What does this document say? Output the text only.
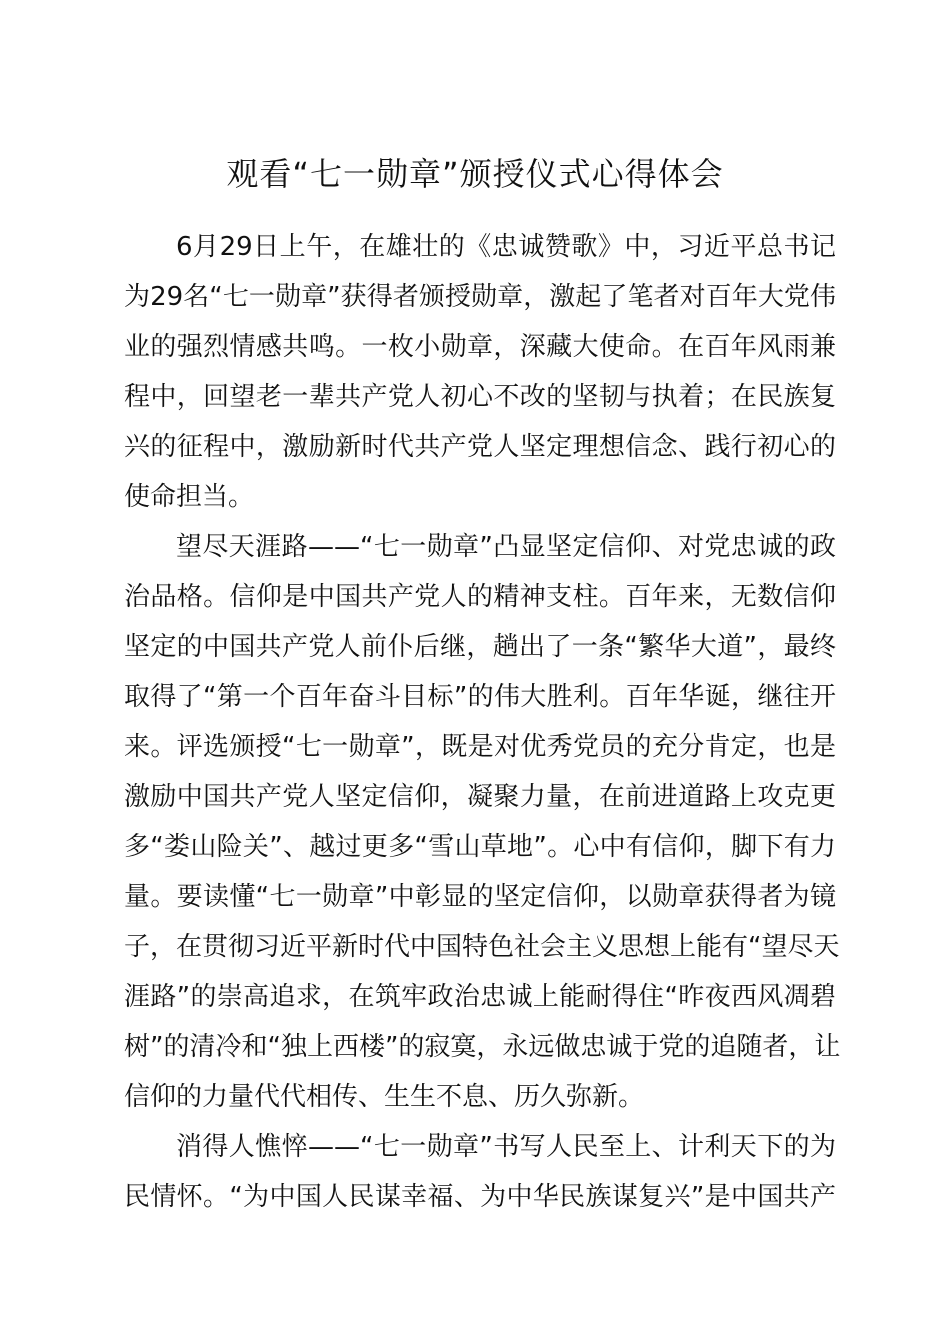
观看“七一勋章”颁授仪式心得体会

6月29日上午，在雄壮的《忠诚赞歌》中，习近平总书记

为29名“七一勋章”获得者颁授勋章，激起了笔者对百年大党伟

业的强烈情感共鸣。一枚小勋章，深藏大使命。在百年风雨兼

程中，回望老一辈共产党人初心不改的坚韧与执着；在民族复

兴的征程中，激励新时代共产党人坚定理想信念、践行初心的

使命担当。

望尽天涯路——“七一勋章”凸显坚定信仰、对党忠诚的政

治品格。信仰是中国共产党人的精神支柱。百年来，无数信仰

坚定的中国共产党人前仆后继，趟出了一条“繁华大道”，最终

取得了“第一个百年奋斗目标”的伟大胜利。百年华诞，继往开

来。评选颁授“七一勋章”，既是对优秀党员的充分肯定，也是

激励中国共产党人坚定信仰，凝聚力量，在前进道路上攻克更

多“娄山险关”、越过更多“雪山草地”。心中有信仰，脚下有力

量。要读懂“七一勋章”中彰显的坚定信仰，以勋章获得者为镜

子，在贯彻习近平新时代中国特色社会主义思想上能有“望尽天

涯路”的崇高追求，在筑牢政治忠诚上能耐得住“昨夜西风凋碧

树”的清冷和“独上西楼”的寂寞，永远做忠诚于党的追随者，让

信仰的力量代代相传、生生不息、历久弥新。

消得人憔悴——“七一勋章”书写人民至上、计利天下的为

民情怀。“为中国人民谋幸福、为中华民族谋复兴”是中国共产
